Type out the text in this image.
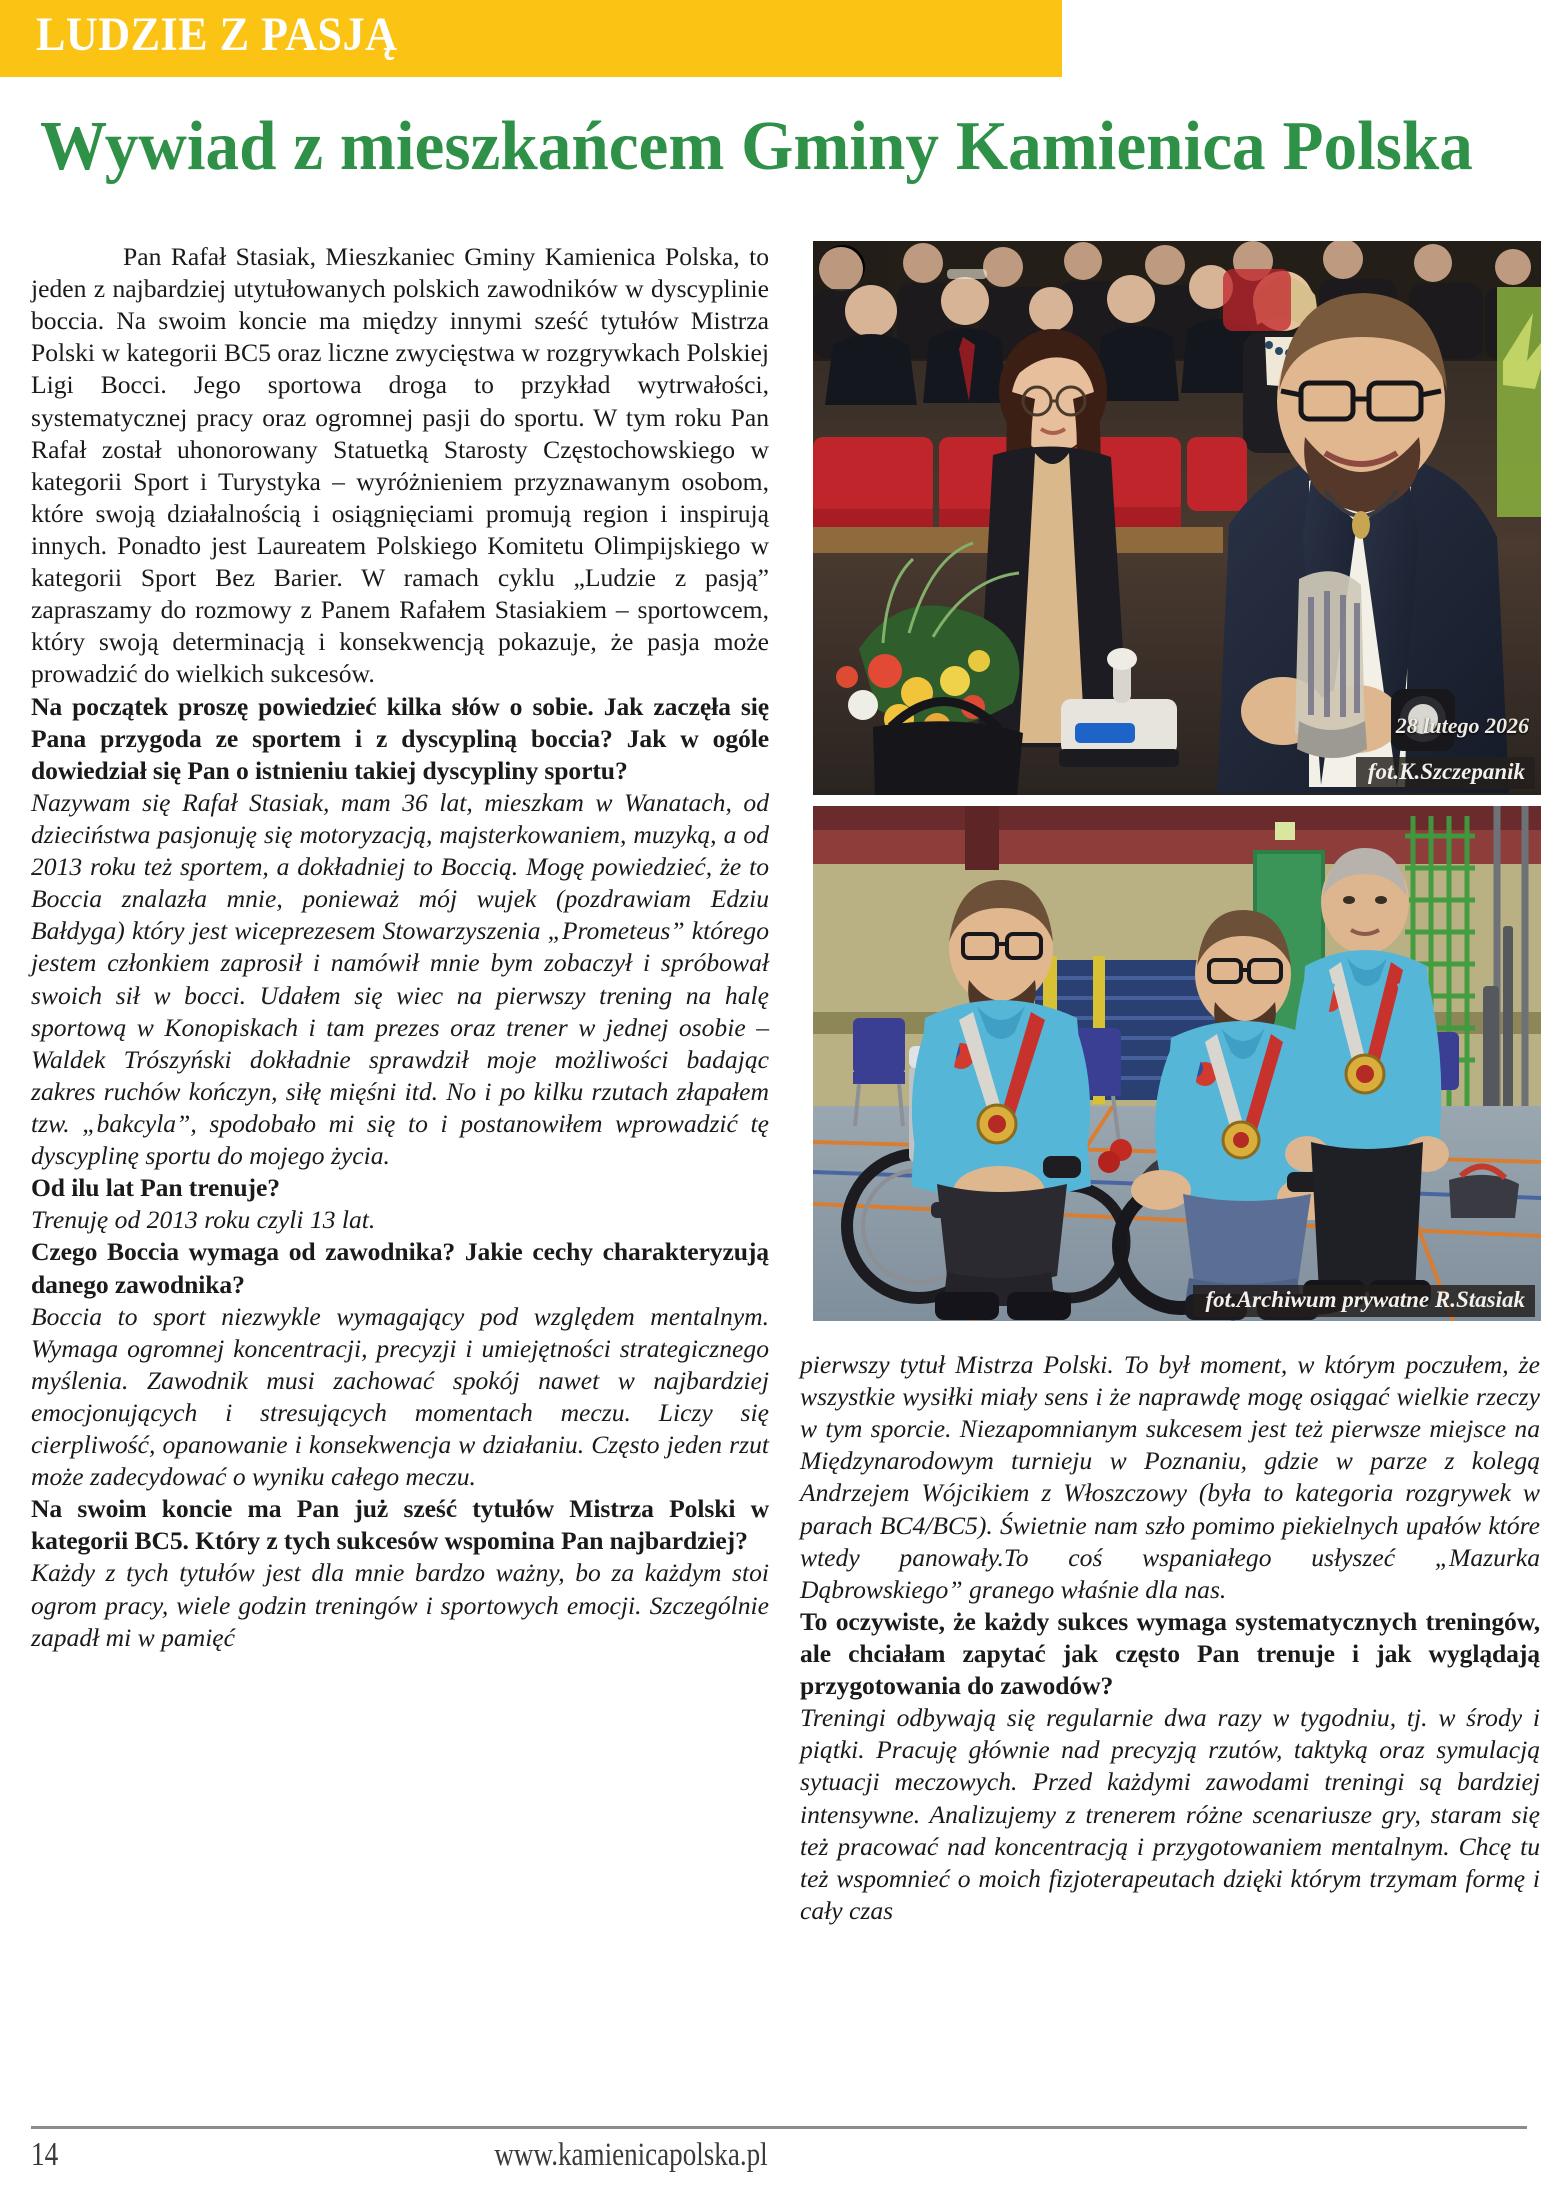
LUDZIE Z PASJĄ
Wywiad z mieszkańcem Gminy Kamienica Polska

Pan Rafał Stasiak, Mieszkaniec Gminy Kamienica Polska, to jeden z najbardziej utytułowanych polskich zawodników w dyscyplinie boccia. Na swoim koncie ma między innymi sześć tytułów Mistrza Polski w kategorii BC5 oraz liczne zwycięstwa w rozgrywkach Polskiej Ligi Bocci. Jego sportowa droga to przykład wytrwałości, systematycznej pracy oraz ogromnej pasji do sportu. W tym roku Pan Rafał został uhonorowany Statuetką Starosty Częstochowskiego w kategorii Sport i Turystyka – wyróżnieniem przyznawanym osobom, które swoją działalnością i osiągnięciami promują region i inspirują innych. Ponadto jest Laureatem Polskiego Komitetu Olimpijskiego w kategorii Sport Bez Barier. W ramach cyklu „Ludzie z pasją” zapraszamy do rozmowy z Panem Rafałem Stasiakiem – sportowcem, który swoją determinacją i konsekwencją pokazuje, że pasja może prowadzić do wielkich sukcesów.

Na początek proszę powiedzieć kilka słów o sobie. Jak zaczęła się Pana przygoda ze sportem i z dyscypliną boccia? Jak w ogóle dowiedział się Pan o istnieniu takiej dyscypliny sportu?

Nazywam się Rafał Stasiak, mam 36 lat, mieszkam w Wanatach, od dzieciństwa pasjonuję się motoryzacją, majsterkowaniem, muzyką, a od 2013 roku też sportem, a dokładniej to Boccią. Mogę powiedzieć, że to Boccia znalazła mnie, ponieważ mój wujek (pozdrawiam Edziu Bałdyga) który jest wiceprezesem Stowarzyszenia „Prometeus” którego jestem członkiem zaprosił i namówił mnie bym zobaczył i spróbował swoich sił w bocci. Udałem się wiec na pierwszy trening na halę sportową w Konopiskach i tam prezes oraz trener w jednej osobie – Waldek Trószyński dokładnie sprawdził moje możliwości badając zakres ruchów kończyn, siłę mięśni itd. No i po kilku rzutach złapałem tzw. „bakcyla”, spodobało mi się to i postanowiłem wprowadzić tę dyscyplinę sportu do mojego życia.

Od ilu lat Pan trenuje?

Trenuję od 2013 roku czyli 13 lat.

Czego Boccia wymaga od zawodnika? Jakie cechy charakteryzują danego zawodnika?

Boccia to sport niezwykle wymagający pod względem mentalnym. Wymaga ogromnej koncentracji, precyzji i umiejętności strategicznego myślenia. Zawodnik musi zachować spokój nawet w najbardziej emocjonujących i stresujących momentach meczu. Liczy się cierpliwość, opanowanie i konsekwencja w działaniu. Często jeden rzut może zadecydować o wyniku całego meczu.

Na swoim koncie ma Pan już sześć tytułów Mistrza Polski w kategorii BC5. Który z tych sukcesów wspomina Pan najbardziej?

Każdy z tych tytułów jest dla mnie bardzo ważny, bo za każdym stoi ogrom pracy, wiele godzin treningów i sportowych emocji. Szczególnie zapadł mi w pamięć

pierwszy tytuł Mistrza Polski. To był moment, w którym poczułem, że wszystkie wysiłki miały sens i że naprawdę mogę osiągać wielkie rzeczy w tym sporcie. Niezapomnianym sukcesem jest też pierwsze miejsce na Międzynarodowym turnieju w Poznaniu, gdzie w parze z kolegą Andrzejem Wójcikiem z Włoszczowy (była to kategoria rozgrywek w parach BC4/BC5). Świetnie nam szło pomimo piekielnych upałów które wtedy panowały.To coś wspaniałego usłyszeć „Mazurka Dąbrowskiego” granego właśnie dla nas.

To oczywiste, że każdy sukces wymaga systematycznych treningów, ale chciałam zapytać jak często Pan trenuje i jak wyglądają przygotowania do zawodów?

Treningi odbywają się regularnie dwa razy w tygodniu, tj. w środy i piątki. Pracuję głównie nad precyzją rzutów, taktyką oraz symulacją sytuacji meczowych. Przed każdymi zawodami treningi są bardziej intensywne. Analizujemy z trenerem różne scenariusze gry, staram się też pracować nad koncentracją i przygotowaniem mentalnym. Chcę tu też wspomnieć o moich fizjoterapeutach dzięki którym trzymam formę i cały czas

28 lutego 2026
fot.K.Szczepanik
fot.Archiwum prywatne R.Stasiak
14	www.kamienicapolska.pl
